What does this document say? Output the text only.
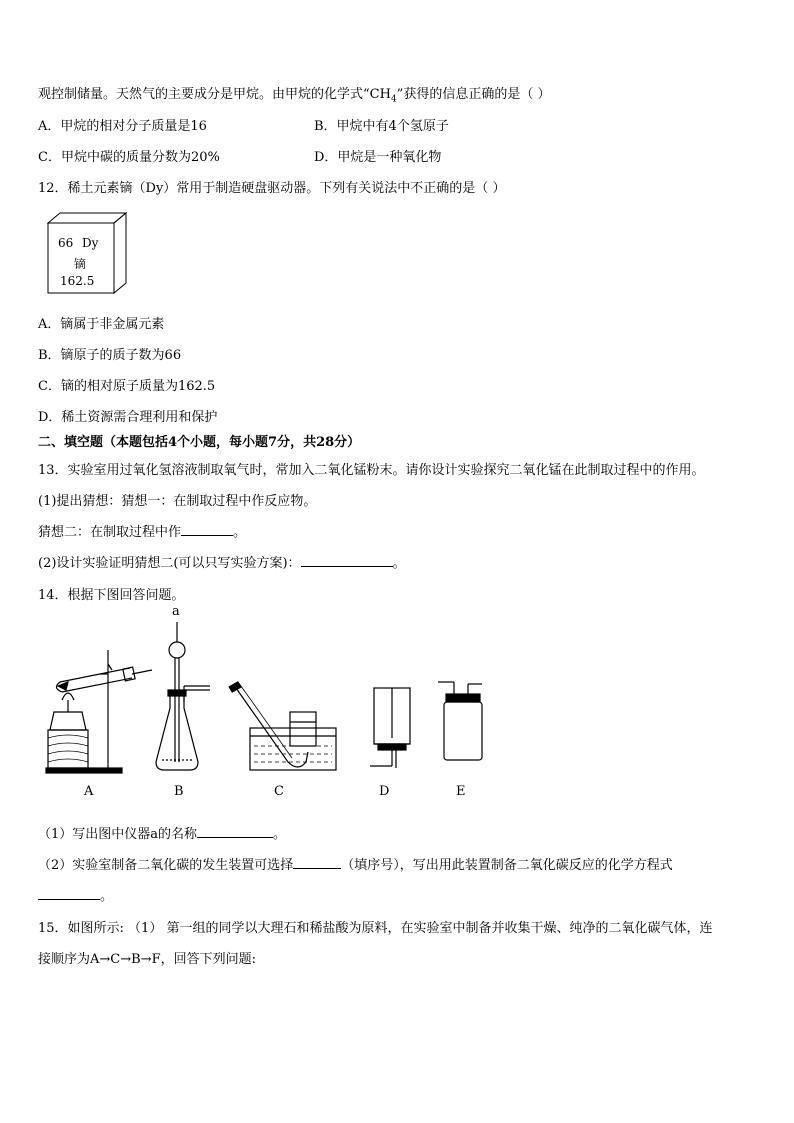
观控制储量。天然气的主要成分是甲烷。由甲烷的化学式“$CH_4$”获得的信息正确的是（ ）
A．甲烷的相对分子质量是16	B．甲烷中有4个氢原子
C．甲烷中碳的质量分数为20%	D．甲烷是一种氧化物
12．稀土元素镝（Dy）常用于制造硬盘驱动器。下列有关说法中不正确的是（ ）
66 Dy
镝
162.5
A．镝属于非金属元素
B．镝原子的质子数为66
C．镝的相对原子质量为162.5
D．稀土资源需合理利用和保护
二、填空题（本题包括4个小题，每小题7分，共28分）
13．实验室用过氧化氢溶液制取氧气时，常加入二氧化锰粉末。请你设计实验探究二氧化锰在此制取过程中的作用。
(1)提出猜想：猜想一：在制取过程中作反应物。
猜想二：在制取过程中作	。
(2)设计实验证明猜想二(可以只写实验方案)：	。
14．根据下图回答问题。
a
A	B	C	D	E
（1）写出图中仪器a的名称	。
（2）实验室制备二氧化碳的发生装置可选择	（填序号），写出用此装置制备二氧化碳反应的化学方程式
。
15．如图所示: （1） 第一组的同学以大理石和稀盐酸为原料，在实验室中制备并收集干燥、纯净的二氧化碳气体，连
接顺序为A→C→B→F，回答下列问题:
